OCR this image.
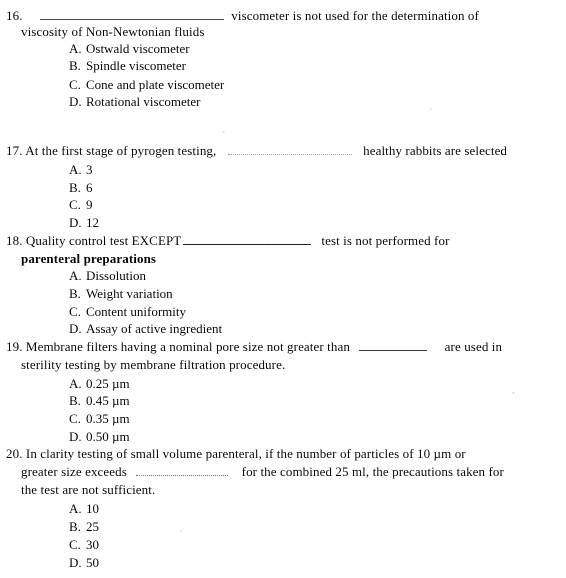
16.	viscometer is not used for the determination of
viscosity of Non-Newtonian fluids
A. Ostwald viscometer
B. Spindle viscometer
C. Cone and plate viscometer
D. Rotational viscometer
17. At the first stage of pyrogen testing,	healthy rabbits are selected
A. 3
B. 6
C. 9
D. 12
18. Quality control test EXCEPT	test is not performed for
parenteral preparations
A. Dissolution
B. Weight variation
C. Content uniformity
D. Assay of active ingredient
19. Membrane filters having a nominal pore size not greater than	are used in
sterility testing by membrane filtration procedure.
A. 0.25 µm
B. 0.45 µm
C. 0.35 µm
D. 0.50 µm
20. In clarity testing of small volume parenteral, if the number of particles of 10 µm or
greater size exceeds	for the combined 25 ml, the precautions taken for
the test are not sufficient.
A. 10
B. 25
C. 30
D. 50
